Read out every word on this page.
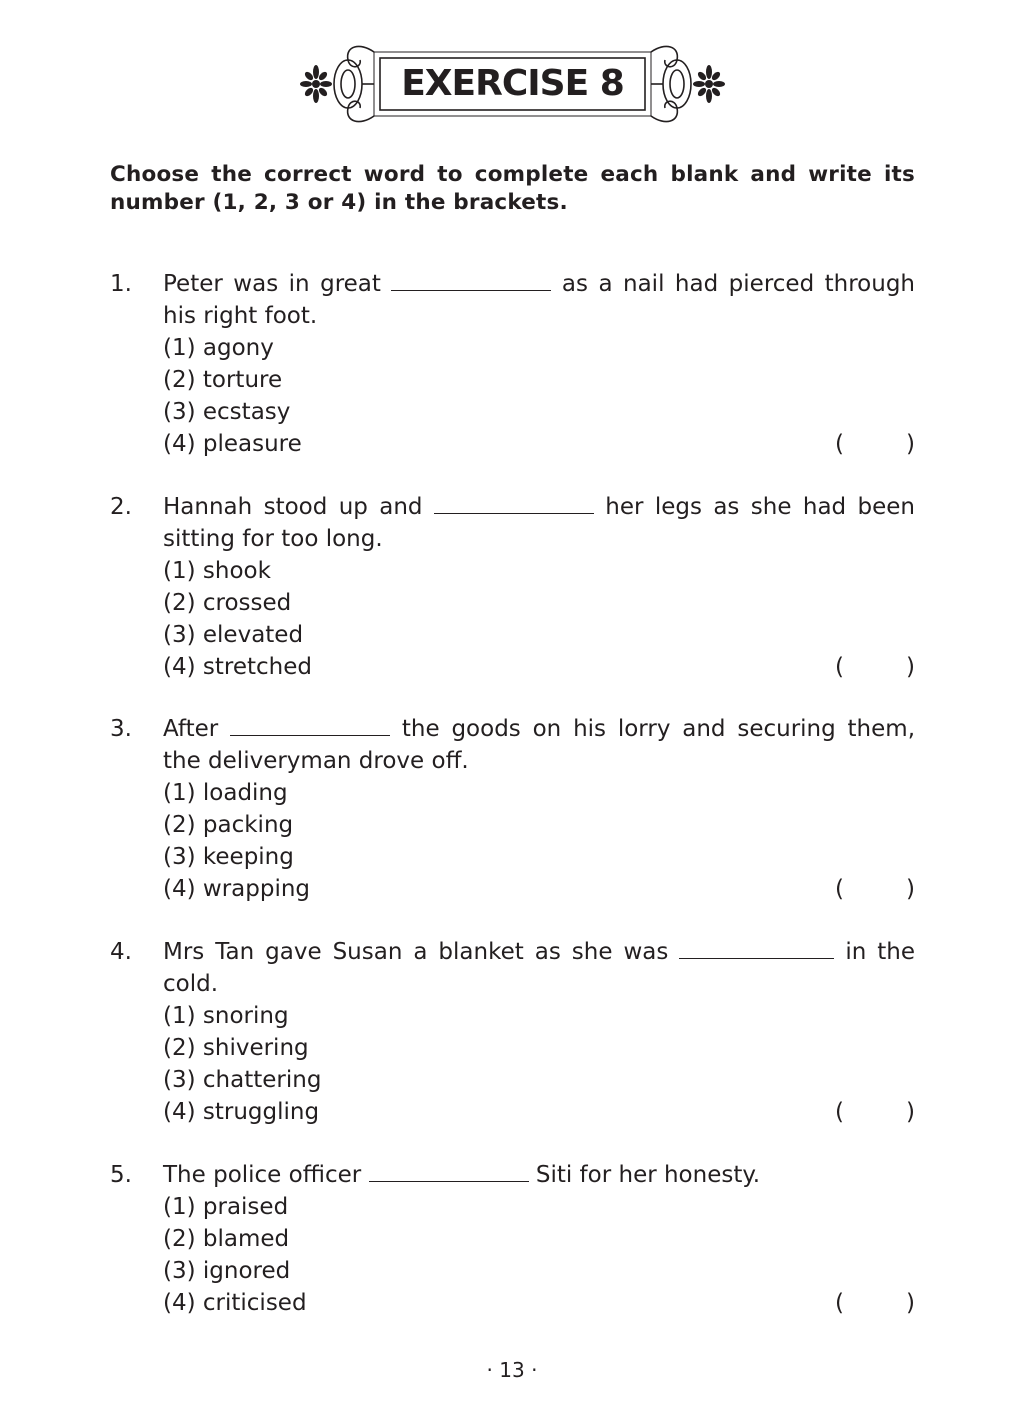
EXERCISE 8
Choose the correct word to complete each blank and write its number (1, 2, 3 or 4) in the brackets.
1.	Peter was in great	as a nail had pierced through his right foot.
(1) agony
(2) torture
(3) ecstasy
(4) pleasure	(	)
2.	Hannah stood up and	her legs as she had been sitting for too long.
(1) shook
(2) crossed
(3) elevated
(4) stretched	(	)
3.	After	the goods on his lorry and securing them, the deliveryman drove off.
(1) loading
(2) packing
(3) keeping
(4) wrapping	(	)
4.	Mrs Tan gave Susan a blanket as she was	in the cold.
(1) snoring
(2) shivering
(3) chattering
(4) struggling	(	)
5.	The police officer	Siti for her honesty.
(1) praised
(2) blamed
(3) ignored
(4) criticised	(	)
· 13 ·
